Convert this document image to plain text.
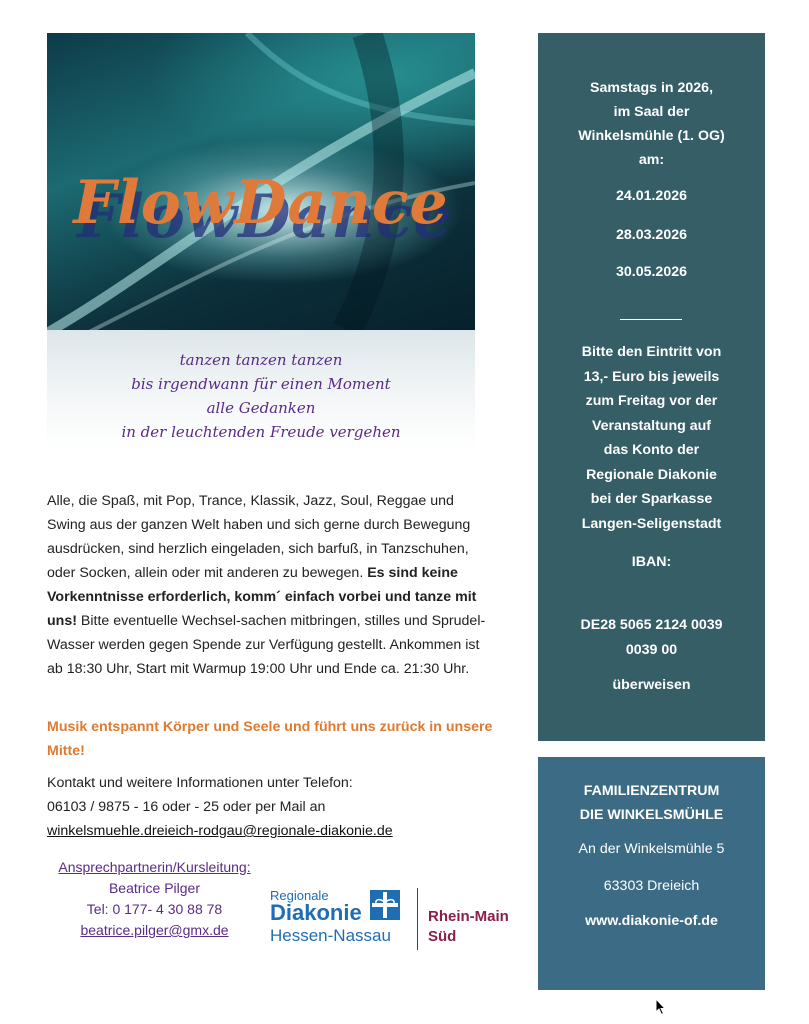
FlowDance
tanzen tanzen tanzen
bis irgendwann für einen Moment
alle Gedanken
in der leuchtenden Freude vergehen
Alle, die Spaß, mit Pop, Trance, Klassik, Jazz, Soul, Reggae und Swing aus der ganzen Welt haben und sich gerne durch Bewegung ausdrücken, sind herzlich eingeladen, sich barfuß, in Tanzschuhen, oder Socken, allein oder mit anderen zu bewegen. Es sind keine Vorkenntnisse erforderlich, komm´ einfach vorbei und tanze mit uns! Bitte eventuelle Wechsel-sachen mitbringen, stilles und Sprudel-Wasser werden gegen Spende zur Verfügung gestellt. Ankommen ist ab 18:30 Uhr, Start mit Warmup 19:00 Uhr und Ende ca. 21:30 Uhr.
Musik entspannt Körper und Seele und führt uns zurück in unsere Mitte!
Kontakt und weitere Informationen unter Telefon:
06103 / 9875 - 16 oder - 25 oder per Mail an
winkelsmuehle.dreieich-rodgau@regionale-diakonie.de
Ansprechpartnerin/Kursleitung:
Beatrice Pilger
Tel: 0 177- 4 30 88 78
beatrice.pilger@gmx.de
Regionale
Diakonie
Hessen-Nassau
Rhein-Main
Süd
Samstags in 2026,
im Saal der
Winkelsmühle (1. OG)
am:
24.01.2026
28.03.2026
30.05.2026
Bitte den Eintritt von
13,- Euro bis jeweils
zum Freitag vor der
Veranstaltung auf
das Konto der
Regionale Diakonie
bei der Sparkasse
Langen-Seligenstadt
IBAN:
DE28 5065 2124 0039
0039 00
überweisen
FAMILIENZENTRUM
DIE WINKELSMÜHLE
An der Winkelsmühle 5
63303 Dreieich
www.diakonie-of.de
